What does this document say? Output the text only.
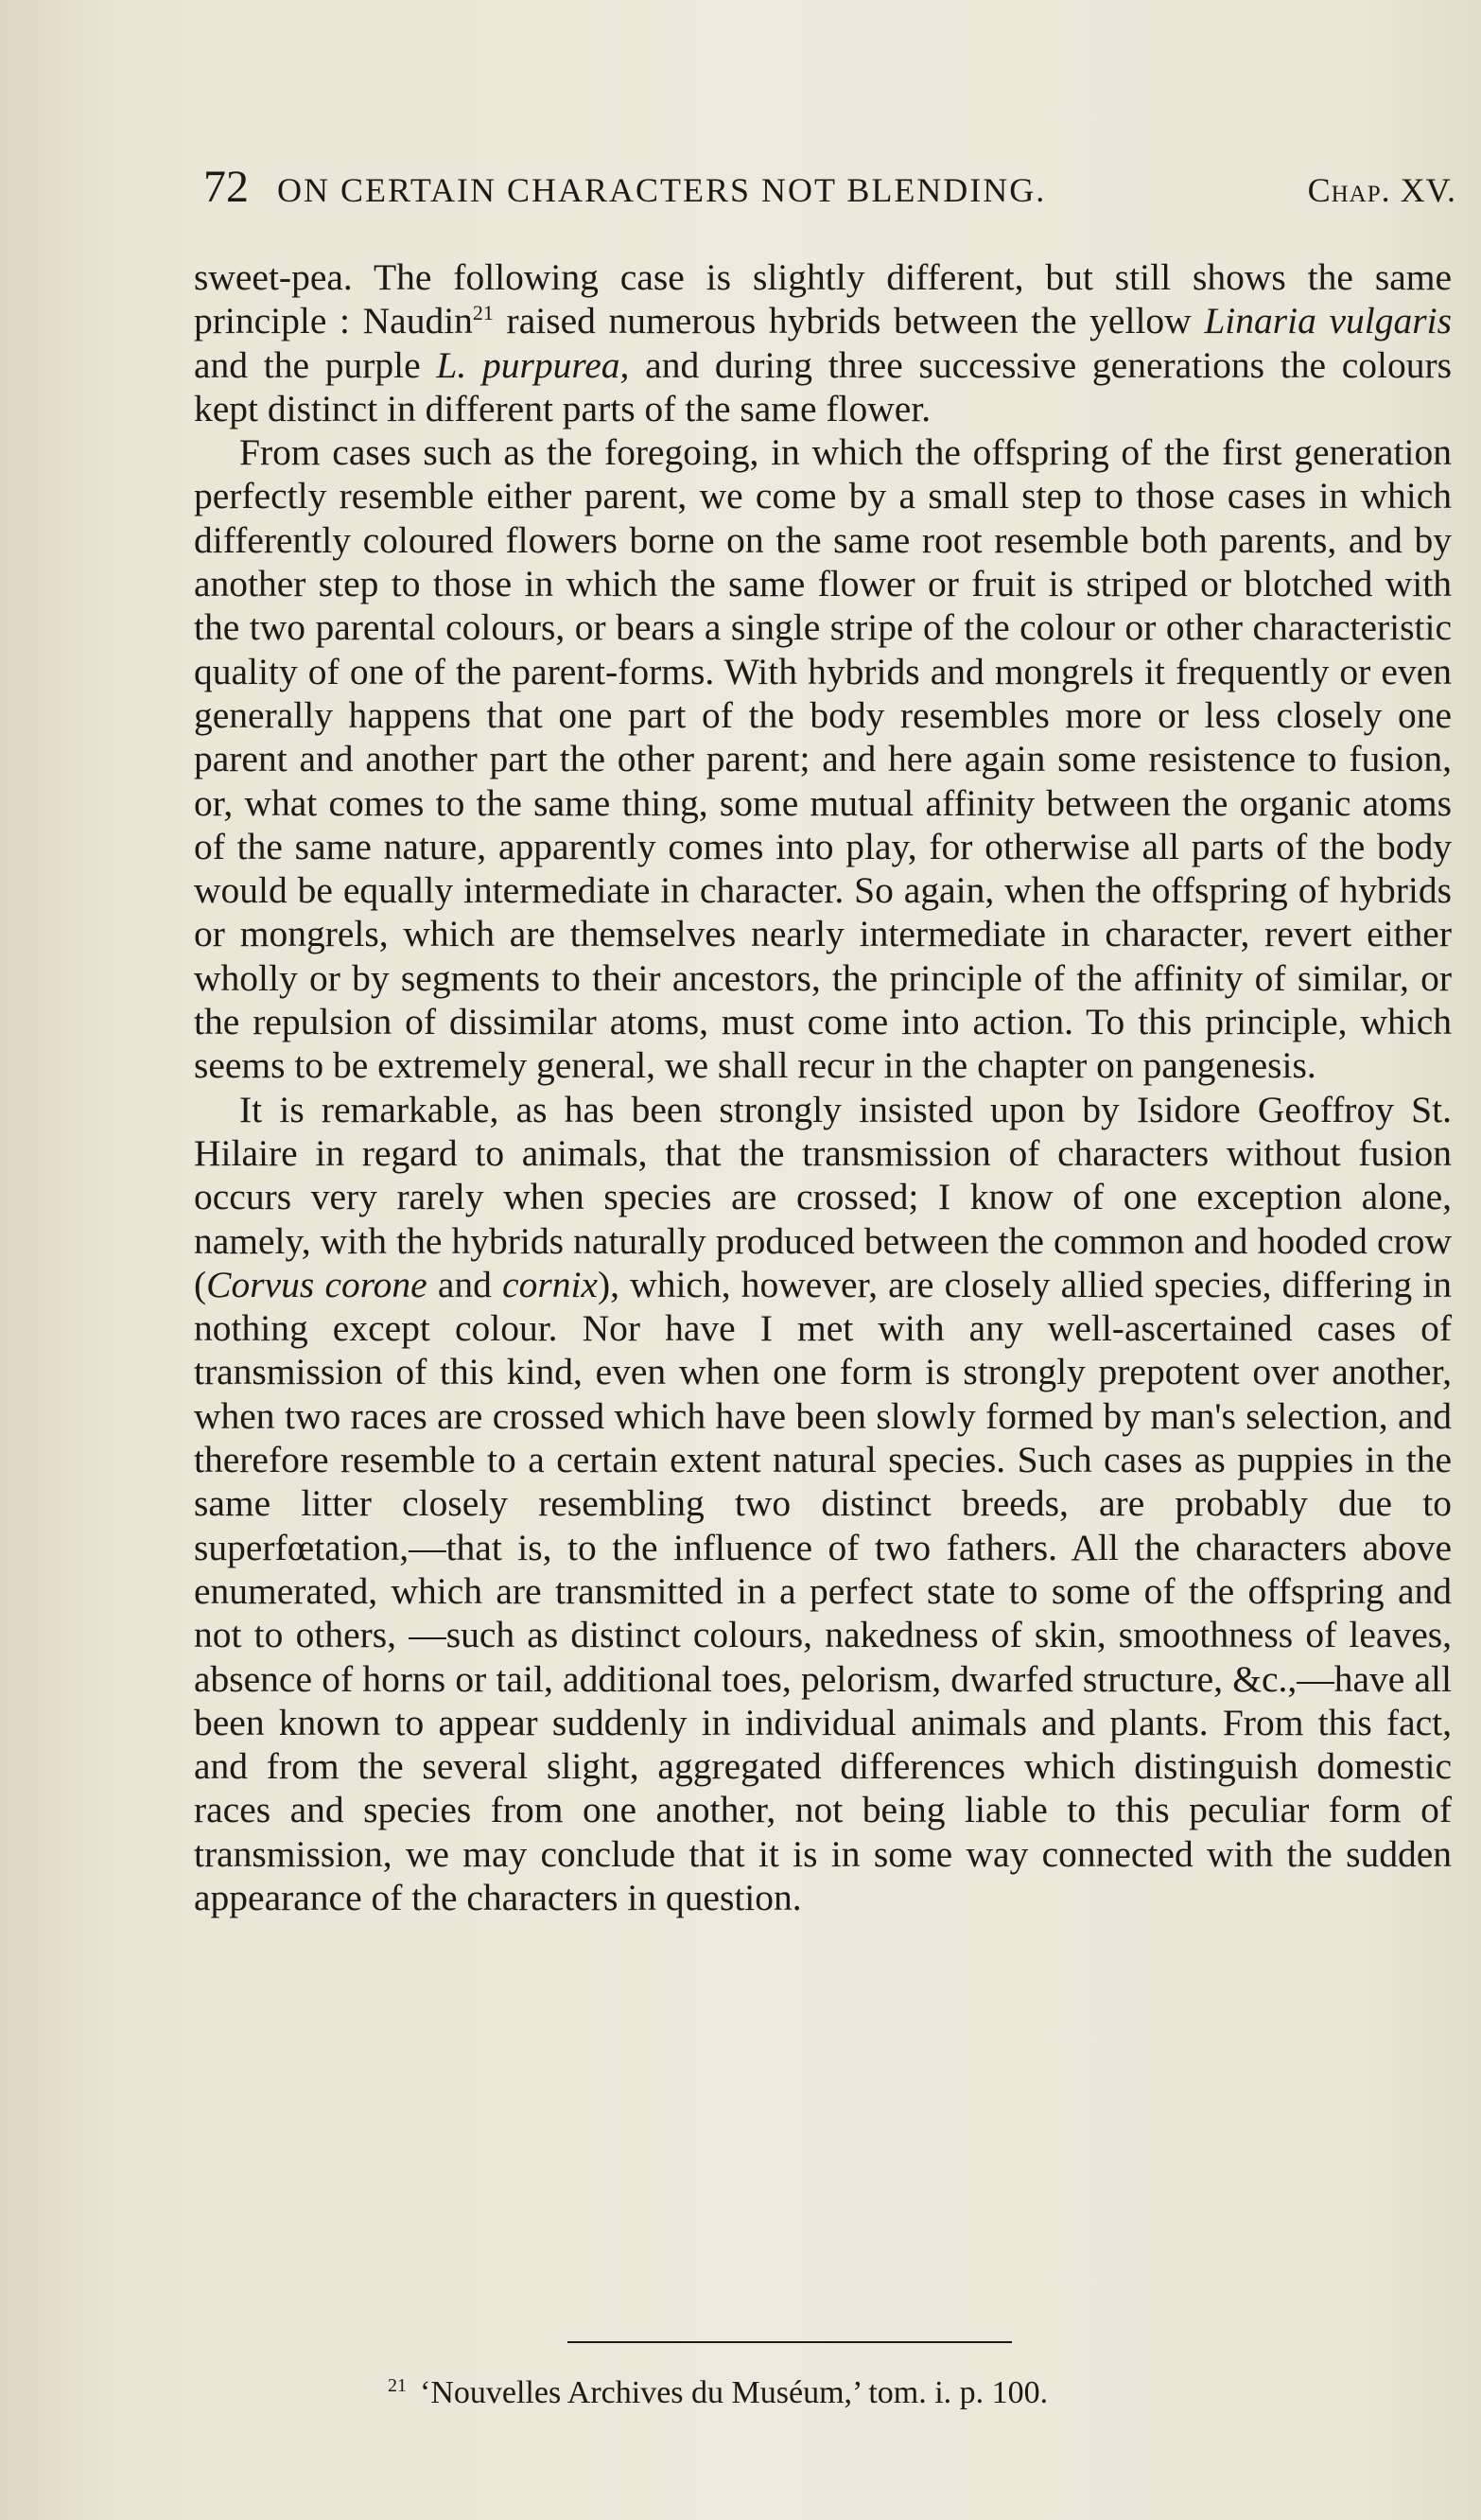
72 ON CERTAIN CHARACTERS NOT BLENDING.	Chap. XV.

sweet-pea. The following case is slightly different, but still shows the same principle : Naudin$^{21}$ raised numerous hybrids between the yellow Linaria vulgaris and the purple L. purpurea, and during three successive generations the colours kept distinct in different parts of the same flower.

From cases such as the foregoing, in which the offspring of the first generation perfectly resemble either parent, we come by a small step to those cases in which differently coloured flowers borne on the same root resemble both parents, and by another step to those in which the same flower or fruit is striped or blotched with the two parental colours, or bears a single stripe of the colour or other characteristic quality of one of the parent-forms. With hybrids and mongrels it frequently or even generally happens that one part of the body resembles more or less closely one parent and another part the other parent; and here again some resistence to fusion, or, what comes to the same thing, some mutual affinity between the organic atoms of the same nature, apparently comes into play, for otherwise all parts of the body would be equally intermediate in character. So again, when the offspring of hybrids or mongrels, which are themselves nearly intermediate in character, revert either wholly or by segments to their ancestors, the principle of the affinity of similar, or the repulsion of dissimilar atoms, must come into action. To this principle, which seems to be extremely general, we shall recur in the chapter on pangenesis.

It is remarkable, as has been strongly insisted upon by Isidore Geoffroy St. Hilaire in regard to animals, that the transmission of characters without fusion occurs very rarely when species are crossed; I know of one exception alone, namely, with the hybrids naturally produced between the common and hooded crow (Corvus corone and cornix), which, however, are closely allied species, differing in nothing except colour. Nor have I met with any well-ascertained cases of transmission of this kind, even when one form is strongly prepotent over another, when two races are crossed which have been slowly formed by man's selection, and therefore resemble to a certain extent natural species. Such cases as puppies in the same litter closely resembling two distinct breeds, are probably due to superfœtation,—that is, to the influence of two fathers. All the characters above enumerated, which are transmitted in a perfect state to some of the offspring and not to others, —such as distinct colours, nakedness of skin, smoothness of leaves, absence of horns or tail, additional toes, pelorism, dwarfed structure, &c.,—have all been known to appear suddenly in individual animals and plants. From this fact, and from the several slight, aggregated differences which distinguish domestic races and species from one another, not being liable to this peculiar form of transmission, we may conclude that it is in some way connected with the sudden appearance of the characters in question.

$^{21}$ ‘Nouvelles Archives du Muséum,’ tom. i. p. 100.
